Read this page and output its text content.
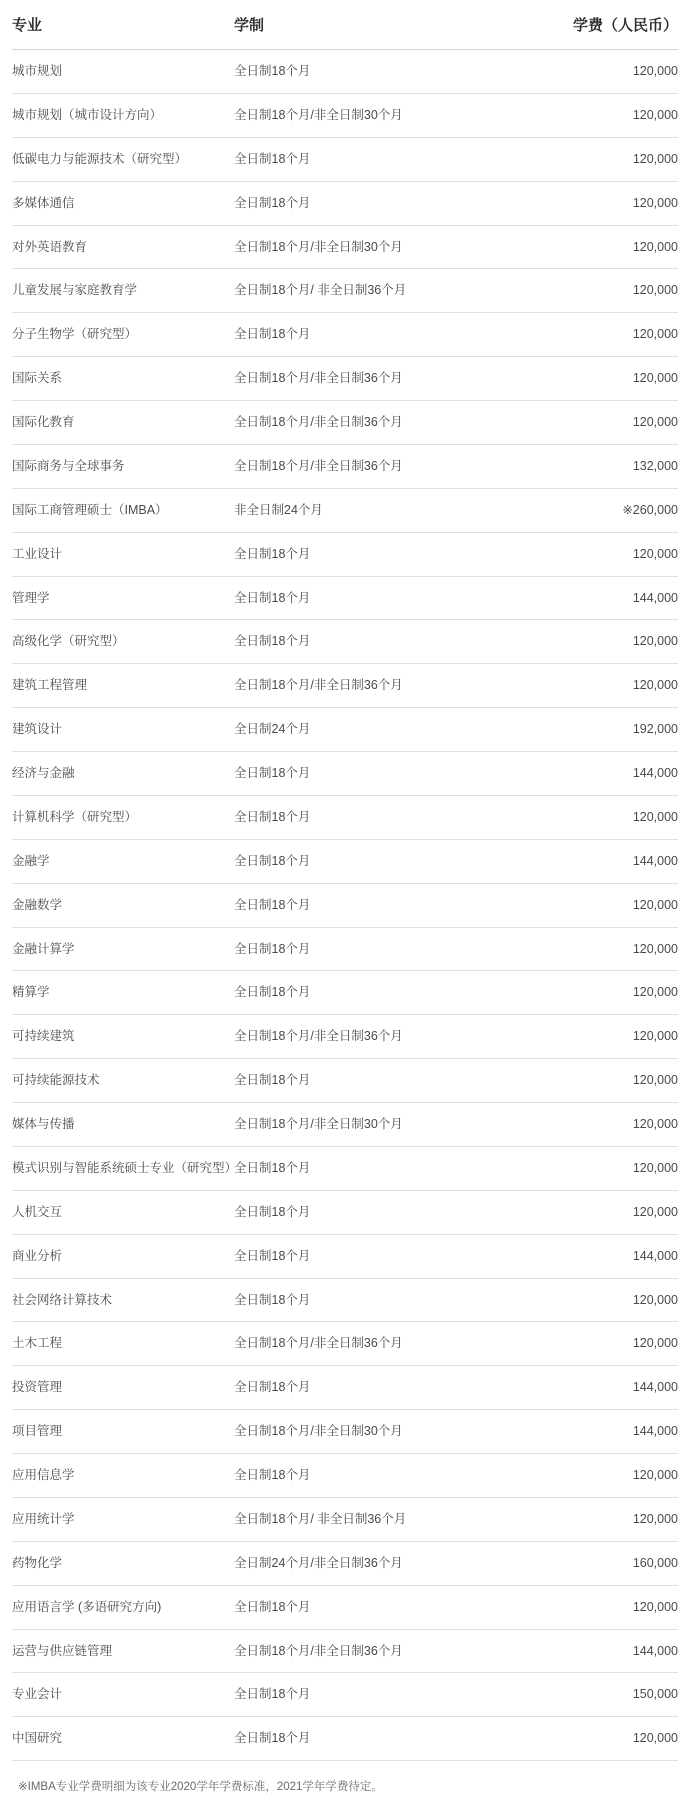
专业	学制	学费（人民币）
城市规划	全日制18个月	120,000
城市规划（城市设计方向）	全日制18个月/非全日制30个月	120,000
低碳电力与能源技术（研究型）	全日制18个月	120,000
多媒体通信	全日制18个月	120,000
对外英语教育	全日制18个月/非全日制30个月	120,000
儿童发展与家庭教育学	全日制18个月/ 非全日制36个月	120,000
分子生物学（研究型）	全日制18个月	120,000
国际关系	全日制18个月/非全日制36个月	120,000
国际化教育	全日制18个月/非全日制36个月	120,000
国际商务与全球事务	全日制18个月/非全日制36个月	132,000
国际工商管理硕士（IMBA）	非全日制24个月	※260,000
工业设计	全日制18个月	120,000
管理学	全日制18个月	144,000
高级化学（研究型）	全日制18个月	120,000
建筑工程管理	全日制18个月/非全日制36个月	120,000
建筑设计	全日制24个月	192,000
经济与金融	全日制18个月	144,000
计算机科学（研究型）	全日制18个月	120,000
金融学	全日制18个月	144,000
金融数学	全日制18个月	120,000
金融计算学	全日制18个月	120,000
精算学	全日制18个月	120,000
可持续建筑	全日制18个月/非全日制36个月	120,000
可持续能源技术	全日制18个月	120,000
媒体与传播	全日制18个月/非全日制30个月	120,000
模式识别与智能系统硕士专业（研究型）	全日制18个月	120,000
人机交互	全日制18个月	120,000
商业分析	全日制18个月	144,000
社会网络计算技术	全日制18个月	120,000
土木工程	全日制18个月/非全日制36个月	120,000
投资管理	全日制18个月	144,000
项目管理	全日制18个月/非全日制30个月	144,000
应用信息学	全日制18个月	120,000
应用统计学	全日制18个月/ 非全日制36个月	120,000
药物化学	全日制24个月/非全日制36个月	160,000
应用语言学 (多语研究方向)	全日制18个月	120,000
运营与供应链管理	全日制18个月/非全日制36个月	144,000
专业会计	全日制18个月	150,000
中国研究	全日制18个月	120,000
※IMBA专业学费明细为该专业2020学年学费标准，2021学年学费待定。
